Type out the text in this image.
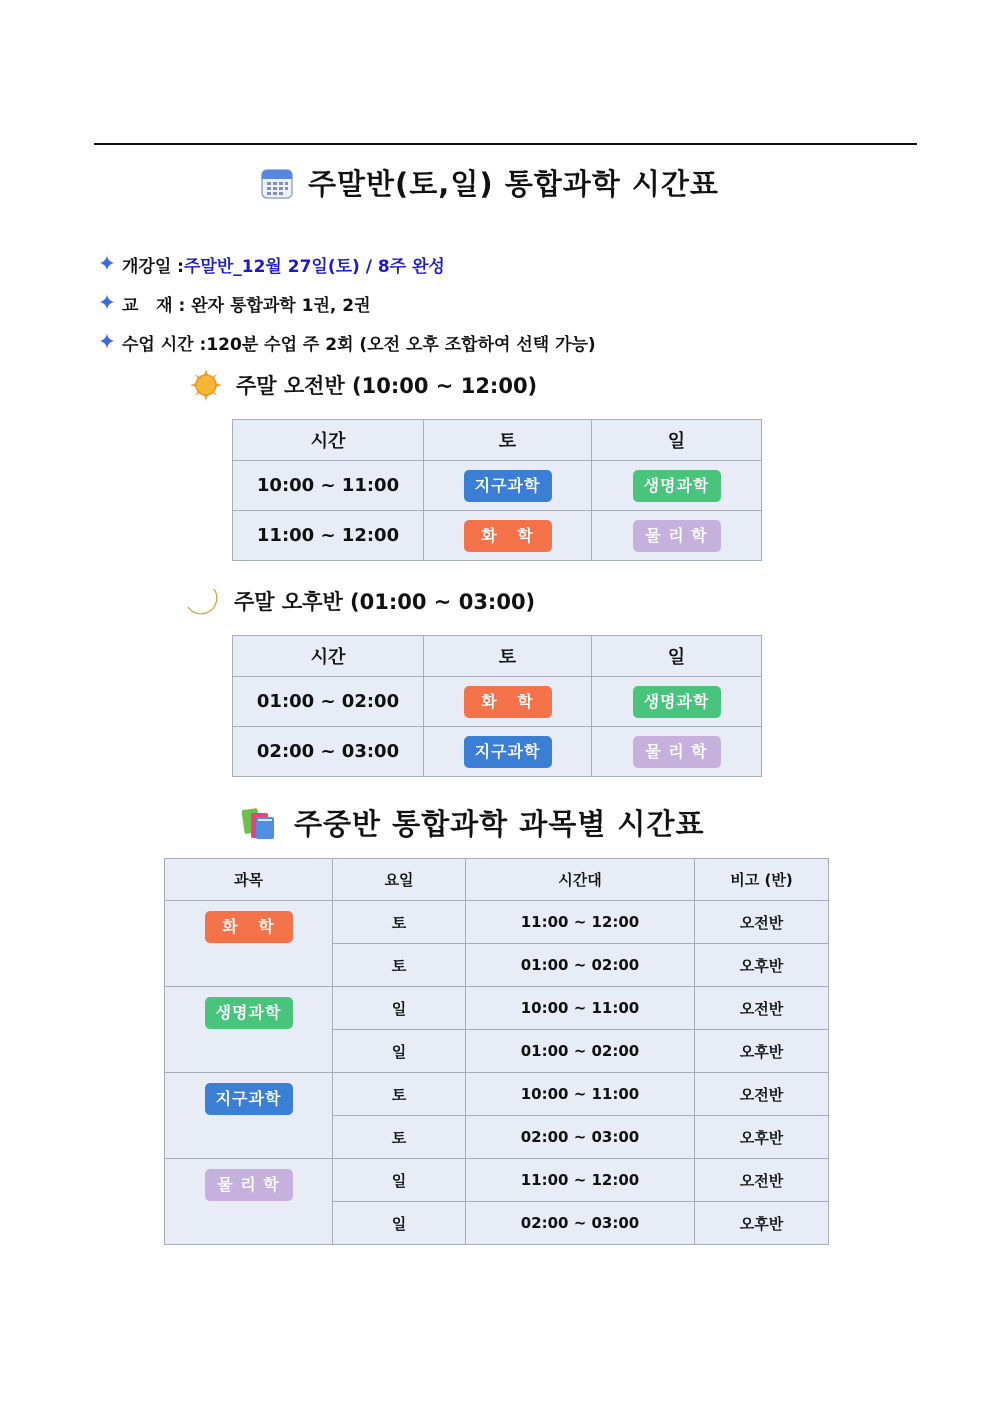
주말반(토,일) 통합과학 시간표
✦ 개강일 : 주말반_12월 27일(토) / 8주 완성
✦ 교   재 : 완자 통합과학 1권, 2권
✦ 수업 시간 : 120분 수업 주 2회 (오전 오후 조합하여 선택 가능)
주말 오전반 (10:00 ~ 12:00)
시간	토	일
10:00 ~ 11:00	지구과학	생명과학
11:00 ~ 12:00	화   학	물 리 학
주말 오후반 (01:00 ~ 03:00)
시간	토	일
01:00 ~ 02:00	화   학	생명과학
02:00 ~ 03:00	지구과학	물 리 학
주중반 통합과학 과목별 시간표
과목	요일	시간대	비고 (반)
화   학	토	11:00 ~ 12:00	오전반
	토	01:00 ~ 02:00	오후반
생명과학	일	10:00 ~ 11:00	오전반
	일	01:00 ~ 02:00	오후반
지구과학	토	10:00 ~ 11:00	오전반
	토	02:00 ~ 03:00	오후반
물 리 학	일	11:00 ~ 12:00	오전반
	일	02:00 ~ 03:00	오후반
